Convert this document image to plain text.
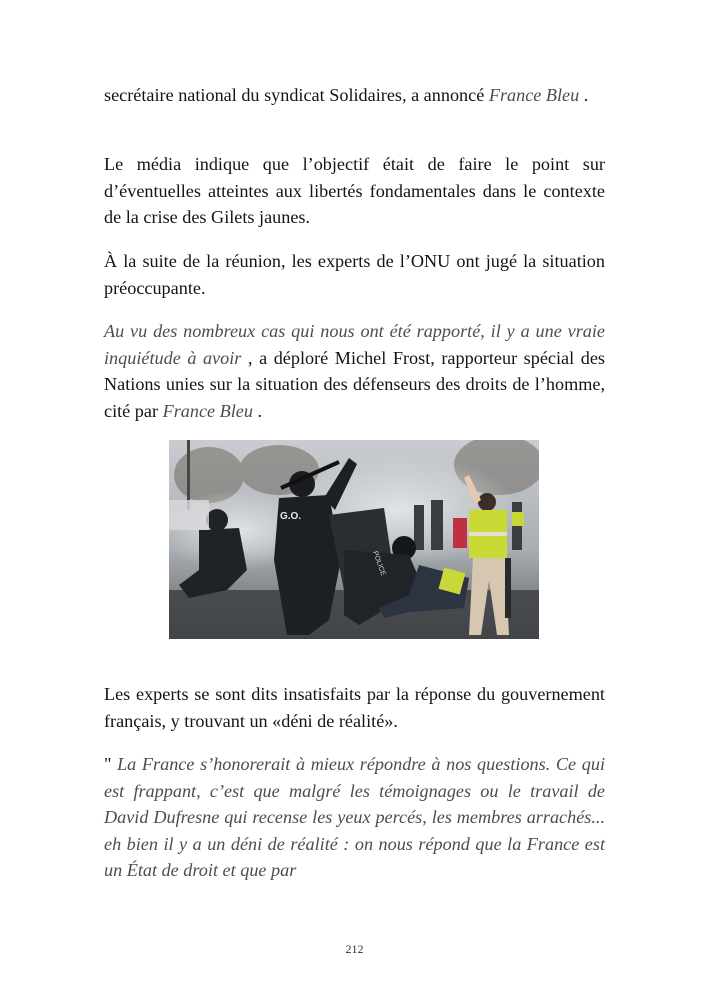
secrétaire national du syndicat Solidaires, a annoncé France Bleu .

Le média indique que l’objectif était de faire le point sur d’éventuelles atteintes aux libertés fondamentales dans le contexte de la crise des Gilets jaunes.

À la suite de la réunion, les experts de l’ONU ont jugé la situation préoccupante.

Au vu des nombreux cas qui nous ont été rapporté, il y a une vraie inquiétude à avoir , a déploré Michel Frost, rapporteur spécial des Nations unies sur la situation des défenseurs des droits de l’homme, cité par France Bleu .

G.O.
POLICE

Les experts se sont dits insatisfaits par la réponse du gouvernement français, y trouvant un «déni de réalité».

" La France s’honorerait à mieux répondre à nos questions. Ce qui est frappant, c’est que malgré les témoignages ou le travail de David Dufresne qui recense les yeux percés, les membres arrachés... eh bien il y a un déni de réalité : on nous répond que la France est un État de droit et que par

212
